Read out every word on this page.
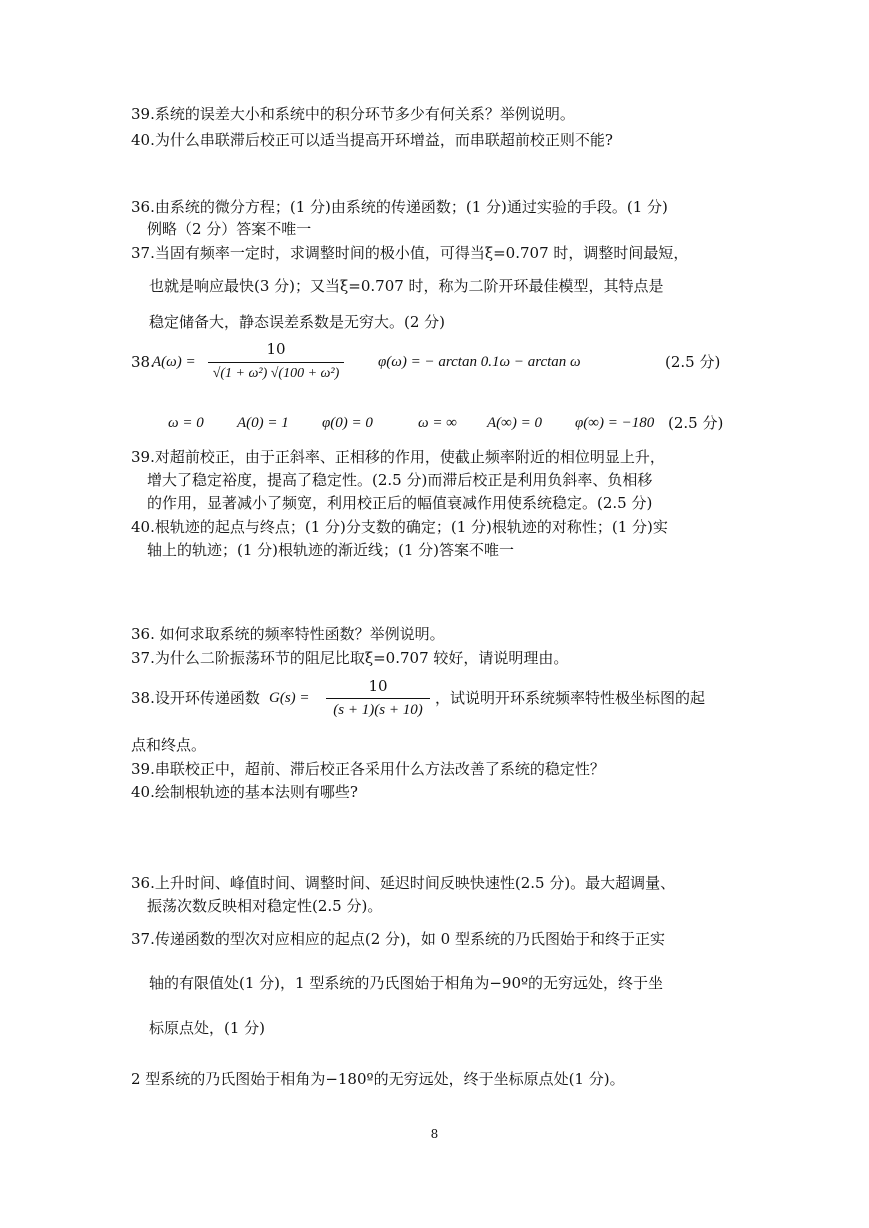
39.系统的误差大小和系统中的积分环节多少有何关系？举例说明。
40.为什么串联滞后校正可以适当提高开环增益，而串联超前校正则不能?
36.由系统的微分方程；(1 分)由系统的传递函数；(1 分)通过实验的手段。(1 分)
例略（2 分）答案不唯一
37.当固有频率一定时，求调整时间的极小值，可得当ξ=0.707 时，调整时间最短，
也就是响应最快(3 分)；又当ξ=0.707 时，称为二阶开环最佳模型，其特点是
稳定储备大，静态误差系数是无穷大。(2 分)
38.
A(ω) =
10
√(1 + ω²) √(100 + ω²)
φ(ω) = − arctan 0.1ω − arctan ω	(2.5 分)
ω = 0 A(0) = 1 φ(0) = 0	ω = ∞ A(∞) = 0 φ(∞) = −180 (2.5 分)
39.对超前校正，由于正斜率、正相移的作用，使截止频率附近的相位明显上升，
增大了稳定裕度，提高了稳定性。(2.5 分)而滞后校正是利用负斜率、负相移
的作用，显著减小了频宽，利用校正后的幅值衰减作用使系统稳定。(2.5 分)
40.根轨迹的起点与终点；(1 分)分支数的确定；(1 分)根轨迹的对称性；(1 分)实
轴上的轨迹；(1 分)根轨迹的渐近线；(1 分)答案不唯一
36. 如何求取系统的频率特性函数？举例说明。
37.为什么二阶振荡环节的阻尼比取ξ=0.707 较好，请说明理由。
38.设开环传递函数 G(s) =
10
(s + 1)(s + 10)
，试说明开环系统频率特性极坐标图的起
点和终点。
39.串联校正中，超前、滞后校正各采用什么方法改善了系统的稳定性？
40.绘制根轨迹的基本法则有哪些?
36.上升时间、峰值时间、调整时间、延迟时间反映快速性(2.5 分)。最大超调量、
振荡次数反映相对稳定性(2.5 分)。
37.传递函数的型次对应相应的起点(2 分)，如 0 型系统的乃氏图始于和终于正实
轴的有限值处(1 分)，1 型系统的乃氏图始于相角为−90º的无穷远处，终于坐
标原点处，(1 分)
2 型系统的乃氏图始于相角为−180º的无穷远处，终于坐标原点处(1 分)。
8
